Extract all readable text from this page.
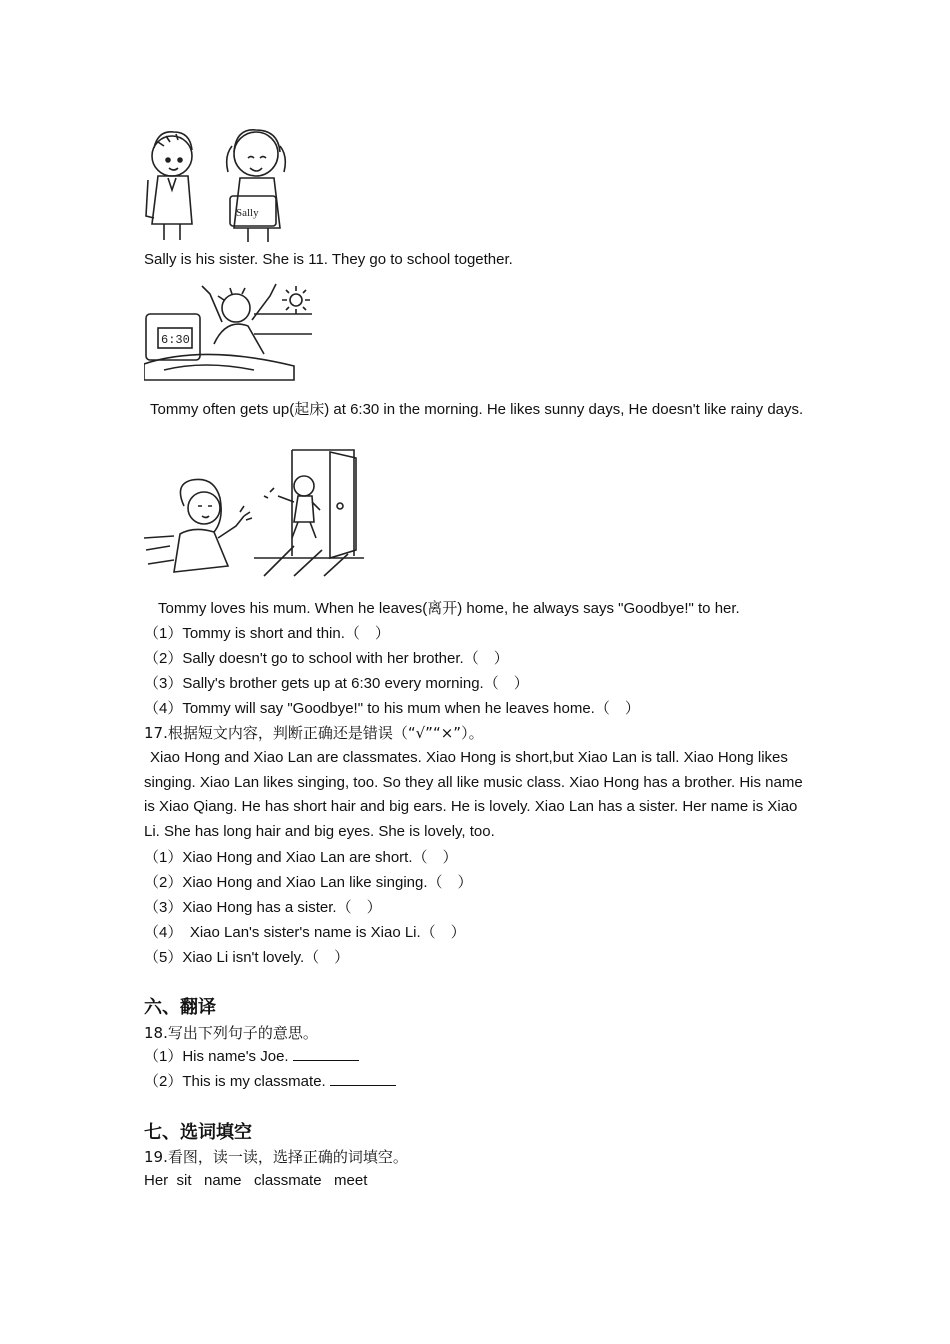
Sally
Sally is his sister. She is 11. They go to school together.
6:30
Tommy often gets up(起床) at 6:30 in the morning. He likes sunny days, He doesn't like rainy days.
Tommy loves his mum. When he leaves(离开) home, he always says "Goodbye!" to her.
（1）Tommy is short and thin.（　）
（2）Sally doesn't go to school with her brother.（　）
（3）Sally's brother gets up at 6:30 every morning.（　）
（4）Tommy will say "Goodbye!" to his mum when he leaves home.（　）
17.根据短文内容，判断正确还是错误（“√”“×”）。
Xiao Hong and Xiao Lan are classmates. Xiao Hong is short,but Xiao Lan is tall. Xiao Hong likes singing. Xiao Lan likes singing, too. So they all like music class. Xiao Hong has a brother. His name is Xiao Qiang. He has short hair and big ears. He is lovely. Xiao Lan has a sister. Her name is Xiao Li. She has long hair and big eyes. She is lovely, too.
（1）Xiao Hong and Xiao Lan are short.（　）
（2）Xiao Hong and Xiao Lan like singing.（　）
（3）Xiao Hong has a sister.（　）
（4）　Xiao Lan's sister's name is Xiao Li.（　）
（5）Xiao Li isn't lovely.（　）
六、翻译
18.写出下列句子的意思。
（1）His name's Joe.
（2）This is my classmate.
七、选词填空
19.看图，读一读，选择正确的词填空。
Her  sit   name   classmate   meet
